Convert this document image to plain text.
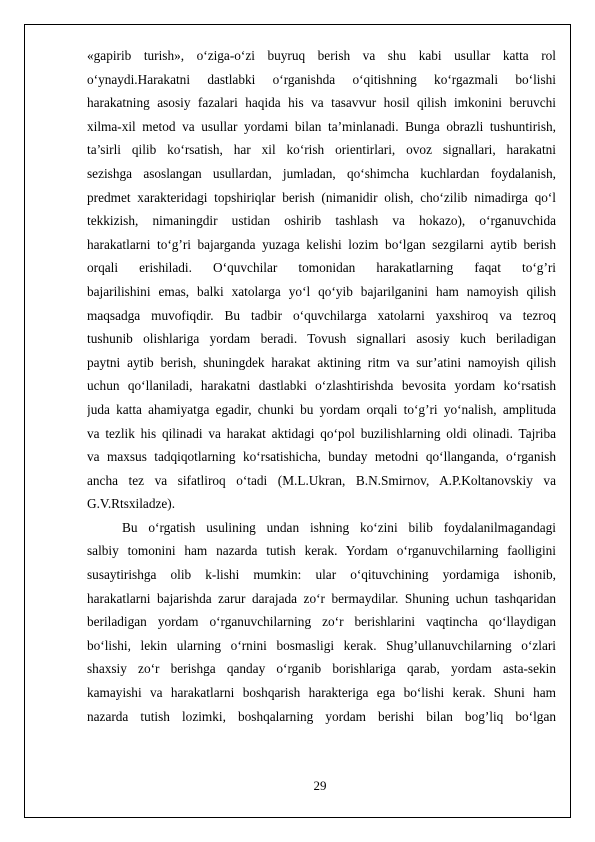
«gapirib turish», o‘ziga-o‘zi buyruq berish va shu kabi usullar katta rol
o‘ynaydi.Harakatni dastlabki o‘rganishda o‘qitishning ko‘rgazmali bo‘lishi
harakatning asosiy fazalari haqida his va tasavvur hosil qilish imkonini beruvchi
xilma-xil metod va usullar yordami bilan ta’minlanadi. Bunga obrazli tushuntirish,
ta’sirli qilib ko‘rsatish, har xil ko‘rish orientirlari, ovoz signallari, harakatni
sezishga asoslangan usullardan, jumladan, qo‘shimcha kuchlardan foydalanish,
predmet xarakteridagi topshiriqlar berish (nimanidir olish, cho‘zilib nimadirga qo‘l
tekkizish, nimaningdir ustidan oshirib tashlash va hokazo), o‘rganuvchida
harakatlarni to‘g’ri bajarganda yuzaga kelishi lozim bo‘lgan sezgilarni aytib berish
orqali erishiladi. O‘quvchilar tomonidan harakatlarning faqat to‘g’ri
bajarilishini emas, balki xatolarga yo‘l qo‘yib bajarilganini ham namoyish qilish
maqsadga muvofiqdir. Bu tadbir o‘quvchilarga xatolarni yaxshiroq va tezroq
tushunib olishlariga yordam beradi. Tovush signallari asosiy kuch beriladigan
paytni aytib berish, shuningdek harakat aktining ritm va sur’atini namoyish qilish
uchun qo‘llaniladi, harakatni dastlabki o‘zlashtirishda bevosita yordam ko‘rsatish
juda katta ahamiyatga egadir, chunki bu yordam orqali to‘g’ri yo‘nalish, amplituda
va tezlik his qilinadi va harakat aktidagi qo‘pol buzilishlarning oldi olinadi. Tajriba
va maxsus tadqiqotlarning ko‘rsatishicha, bunday metodni qo‘llanganda, o‘rganish
ancha tez va sifatliroq o‘tadi (M.L.Ukran, B.N.Smirnov, A.P.Koltanovskiy va
G.V.Rtsxiladze).
Bu o‘rgatish usulining undan ishning ko‘zini bilib foydalanilmagandagi
salbiy tomonini ham nazarda tutish kerak. Yordam o‘rganuvchilarning faolligini
susaytirishga olib k-lishi mumkin: ular o‘qituvchining yordamiga ishonib,
harakatlarni bajarishda zarur darajada zo‘r bermaydilar. Shuning uchun tashqaridan
beriladigan yordam o‘rganuvchilarning zo‘r berishlarini vaqtincha qo‘llaydigan
bo‘lishi, lekin ularning o‘rnini bosmasligi kerak. Shug’ullanuvchilarning o‘zlari
shaxsiy zo‘r berishga qanday o‘rganib borishlariga qarab, yordam asta-sekin
kamayishi va harakatlarni boshqarish harakteriga ega bo‘lishi kerak. Shuni ham
nazarda tutish lozimki, boshqalarning yordam berishi bilan bog’liq bo‘lgan
29
